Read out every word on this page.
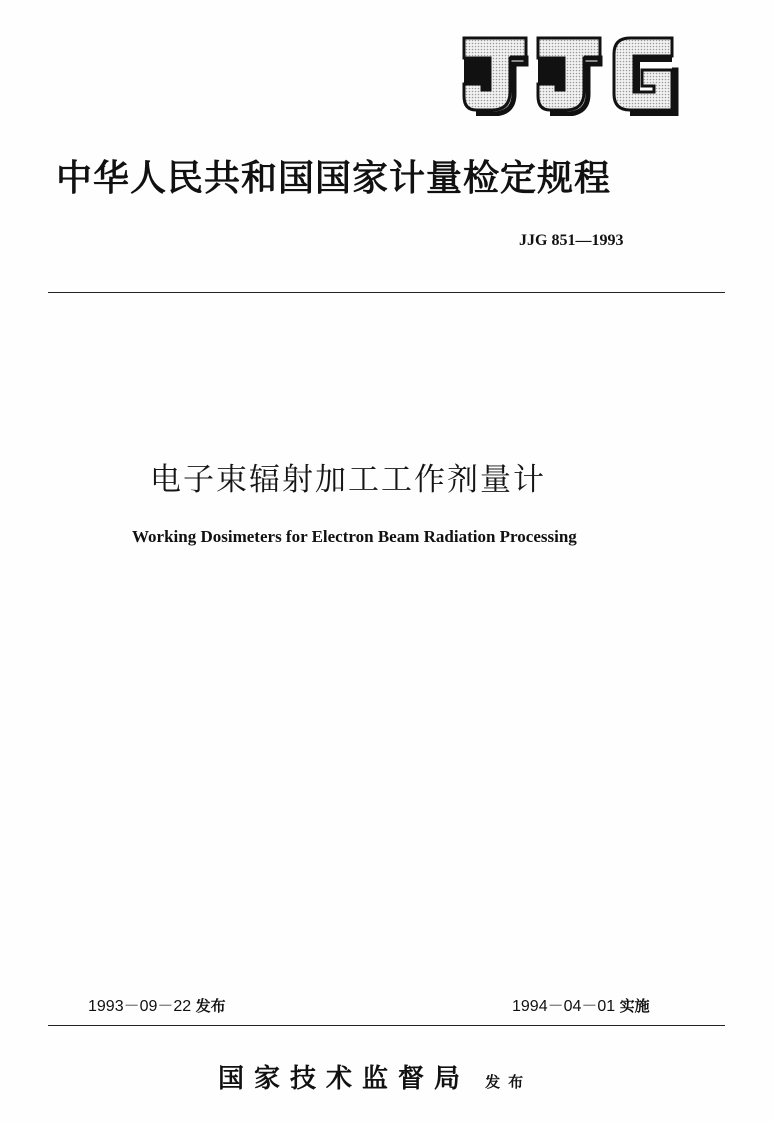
中华人民共和国国家计量检定规程
JJG 851—1993
电子束辐射加工工作剂量计
Working Dosimeters for Electron Beam Radiation Processing
1993－09－22 发布	1994－04－01 实施
国家技术监督局 发布
